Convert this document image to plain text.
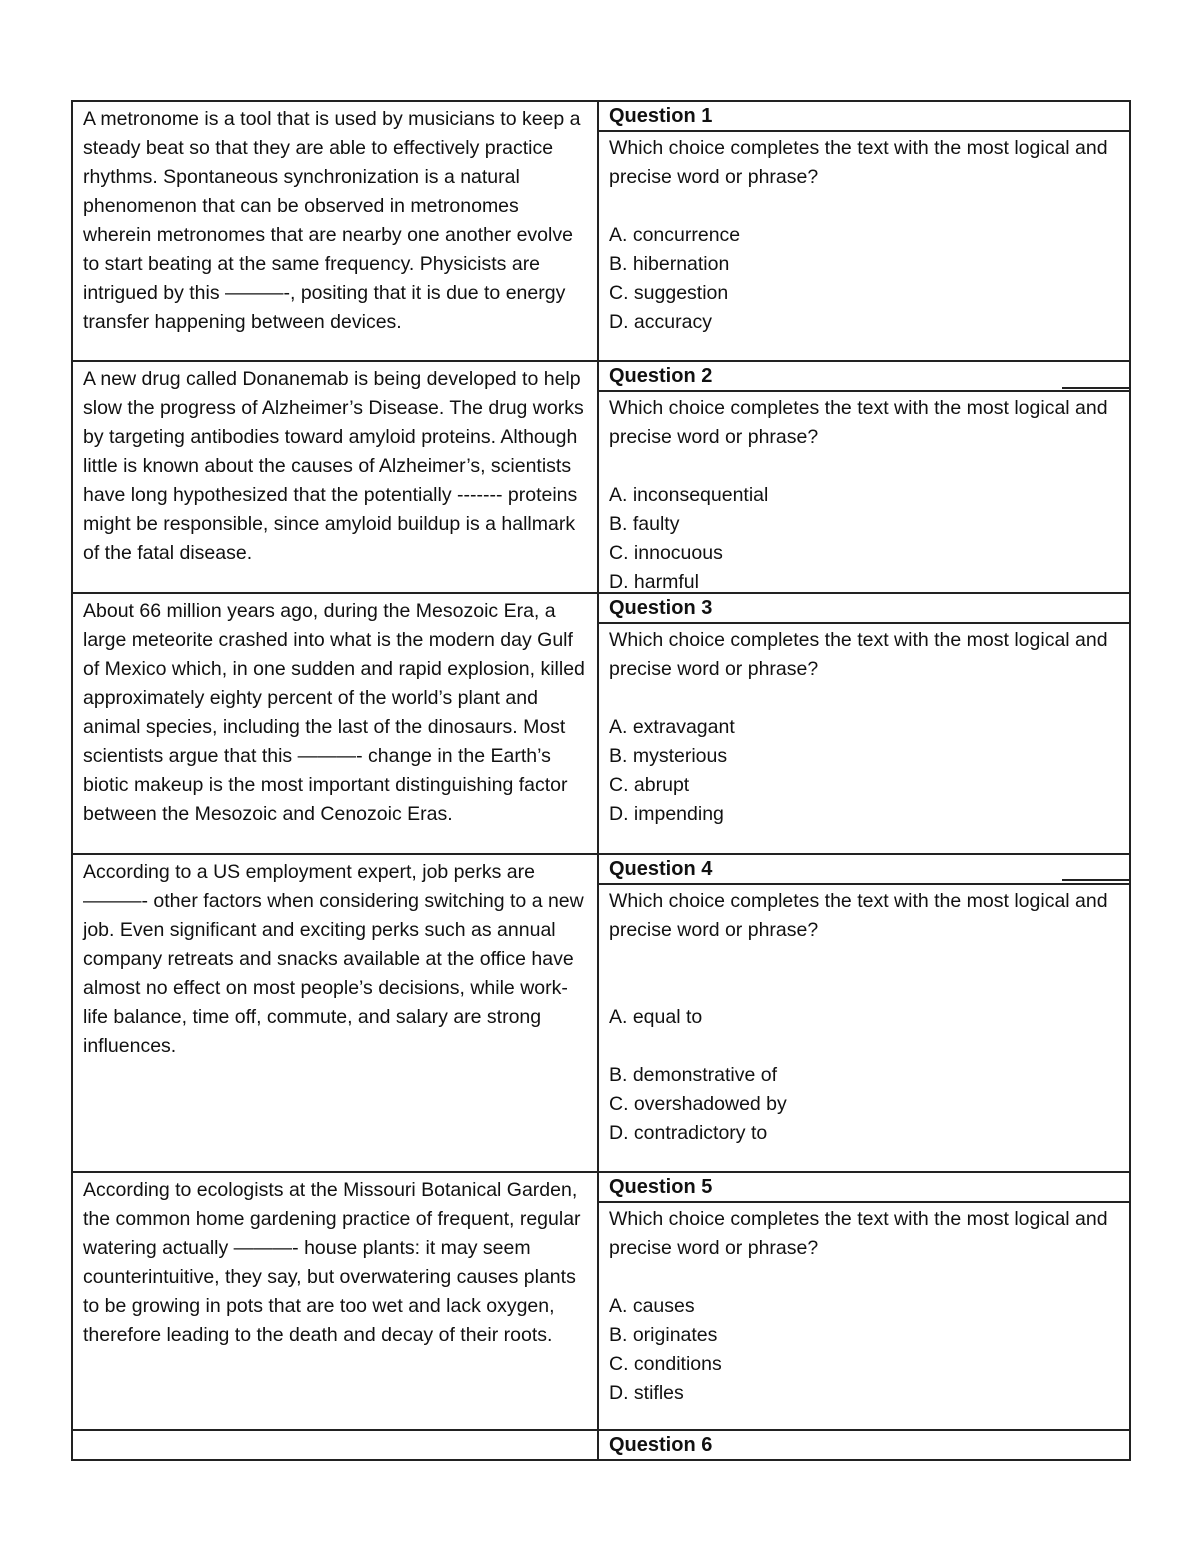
A metronome is a tool that is used by musicians to keep a steady beat so that they are able to effectively practice rhythms. Spontaneous synchronization is a natural phenomenon that can be observed in metronomes wherein metronomes that are nearby one another evolve to start beating at the same frequency. Physicists are intrigued by this ———-, positing that it is due to energy transfer happening between devices.
Question 1
Which choice completes the text with the most logical and precise word or phrase?
A. concurrence
B. hibernation
C. suggestion
D. accuracy
A new drug called Donanemab is being developed to help slow the progress of Alzheimer’s Disease. The drug works by targeting antibodies toward amyloid proteins. Although little is known about the causes of Alzheimer’s, scientists have long hypothesized that the potentially ------- proteins might be responsible, since amyloid buildup is a hallmark of the fatal disease.
Question 2
Which choice completes the text with the most logical and precise word or phrase?
A. inconsequential
B. faulty
C. innocuous
D. harmful
About 66 million years ago, during the Mesozoic Era, a large meteorite crashed into what is the modern day Gulf of Mexico which, in one sudden and rapid explosion, killed approximately eighty percent of the world’s plant and animal species, including the last of the dinosaurs. Most scientists argue that this ———- change in the Earth’s biotic makeup is the most important distinguishing factor between the Mesozoic and Cenozoic Eras.
Question 3
Which choice completes the text with the most logical and precise word or phrase?
A. extravagant
B. mysterious
C. abrupt
D. impending
According to a US employment expert, job perks are ———- other factors when considering switching to a new job. Even significant and exciting perks such as annual company retreats and snacks available at the office have almost no effect on most people’s decisions, while work-life balance, time off, commute, and salary are strong influences.
Question 4
Which choice completes the text with the most logical and precise word or phrase?
A. equal to
B. demonstrative of
C. overshadowed by
D. contradictory to
According to ecologists at the Missouri Botanical Garden, the common home gardening practice of frequent, regular watering actually ———- house plants: it may seem counterintuitive, they say, but overwatering causes plants to be growing in pots that are too wet and lack oxygen, therefore leading to the death and decay of their roots.
Question 5
Which choice completes the text with the most logical and precise word or phrase?
A. causes
B. originates
C. conditions
D. stifles
Question 6
